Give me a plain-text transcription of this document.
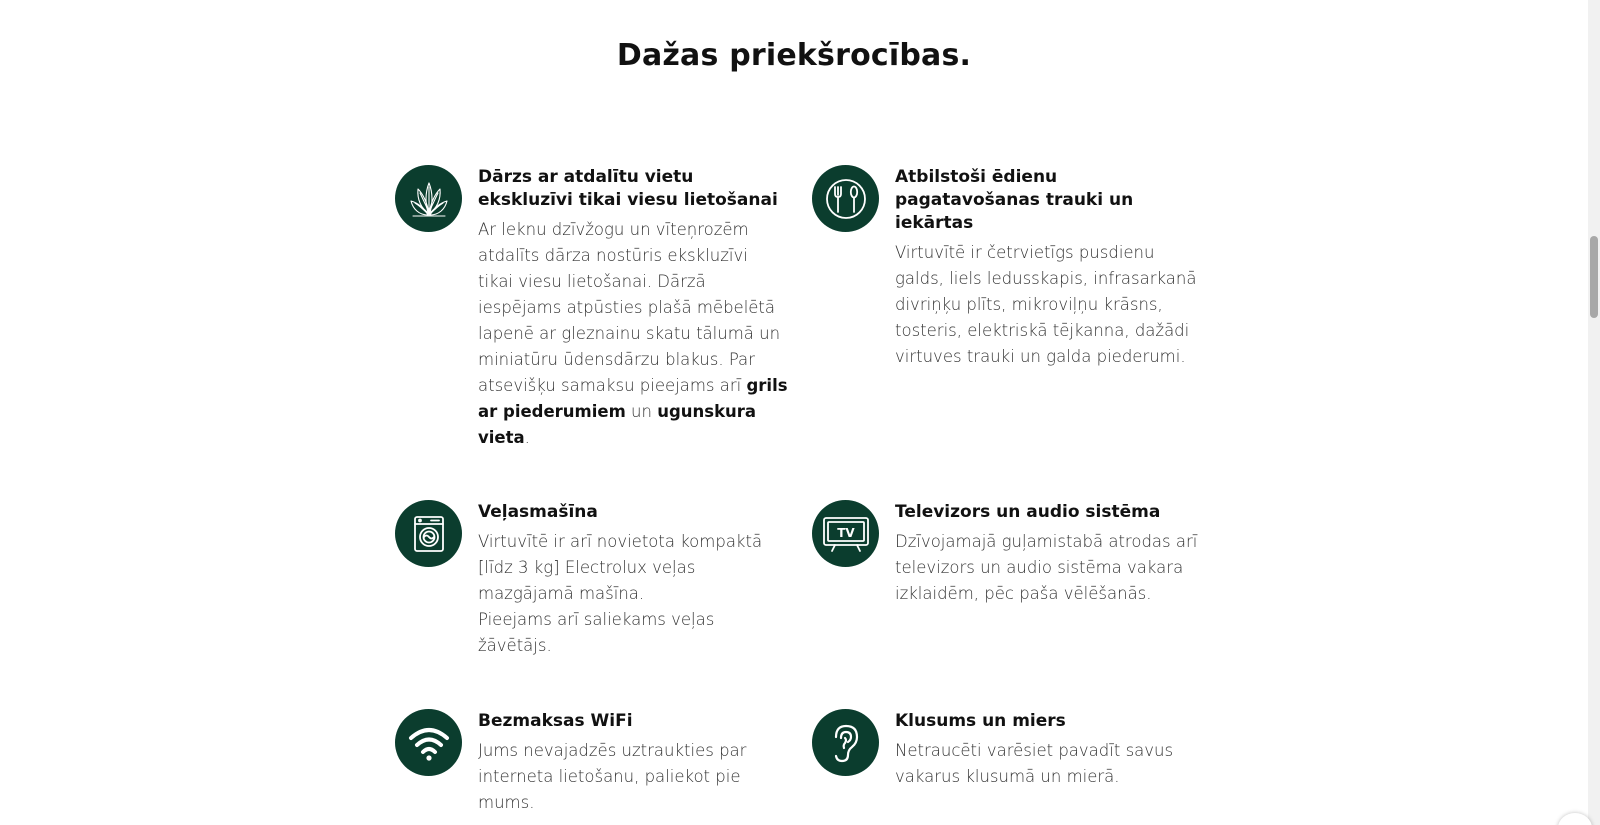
Dažas priekšrocības.
Dārzs ar atdalītu vietu ekskluzīvi tikai viesu lietošanai

Ar leknu dzīvžogu un vīteņrozēm atdalīts dārza nostūris ekskluzīvi tikai viesu lietošanai. Dārzā iespējams atpūsties plašā mēbelētā lapenē ar gleznainu skatu tālumā un miniatūru ūdensdārzu blakus. Par atsevišķu samaksu pieejams arī grils ar piederumiem un ugunskura vieta.

Atbilstoši ēdienu pagatavošanas trauki un iekārtas

Virtuvītē ir četrvietīgs pusdienu galds, liels ledusskapis, infrasarkanā divriņķu plīts, mikroviļņu krāsns, tosteris, elektriskā tējkanna, dažādi virtuves trauki un galda piederumi.

Veļasmašīna

Virtuvītē ir arī novietota kompaktā [līdz 3 kg] Electrolux veļas mazgājamā mašīna.
Pieejams arī saliekams veļas žāvētājs.

TV
Televizors un audio sistēma

Dzīvojamajā guļamistabā atrodas arī televizors un audio sistēma vakara izklaidēm, pēc paša vēlēšanās.

Bezmaksas WiFi

Jums nevajadzēs uztraukties par interneta lietošanu, paliekot pie mums.

Klusums un miers

Netraucēti varēsiet pavadīt savus vakarus klusumā un mierā.
